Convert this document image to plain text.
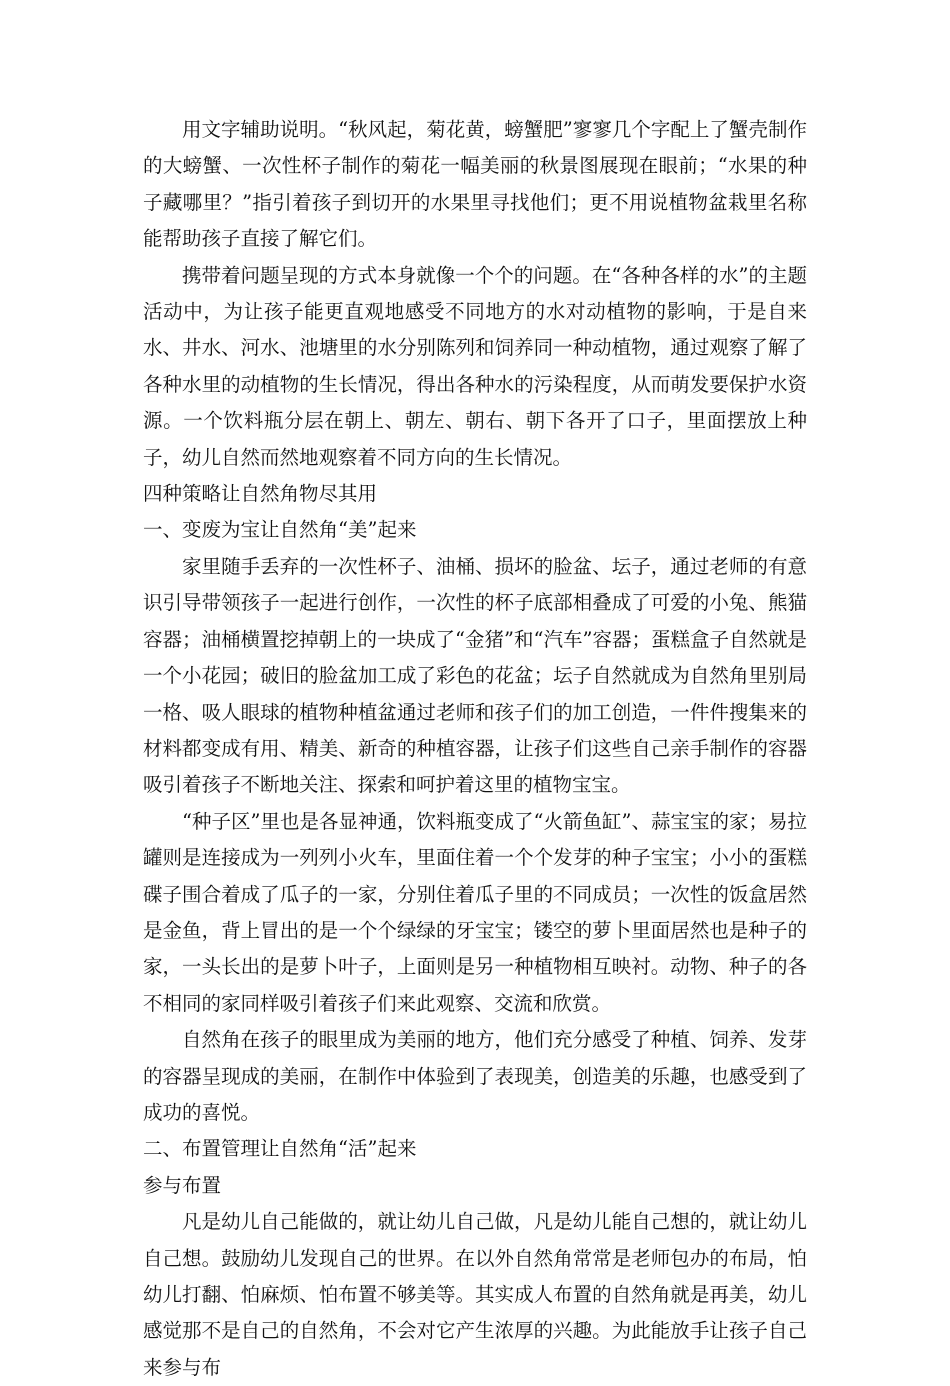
用文字辅助说明。“秋风起，菊花黄，螃蟹肥”寥寥几个字配上了蟹壳制作的大螃蟹、一次性杯子制作的菊花一幅美丽的秋景图展现在眼前；“水果的种子藏哪里？”指引着孩子到切开的水果里寻找他们；更不用说植物盆栽里名称能帮助孩子直接了解它们。

携带着问题呈现的方式本身就像一个个的问题。在“各种各样的水”的主题活动中，为让孩子能更直观地感受不同地方的水对动植物的影响，于是自来水、井水、河水、池塘里的水分别陈列和饲养同一种动植物，通过观察了解了各种水里的动植物的生长情况，得出各种水的污染程度，从而萌发要保护水资源。一个饮料瓶分层在朝上、朝左、朝右、朝下各开了口子，里面摆放上种子，幼儿自然而然地观察着不同方向的生长情况。

四种策略让自然角物尽其用

一、变废为宝让自然角“美”起来

家里随手丢弃的一次性杯子、油桶、损坏的脸盆、坛子，通过老师的有意识引导带领孩子一起进行创作，一次性的杯子底部相叠成了可爱的小兔、熊猫容器；油桶横置挖掉朝上的一块成了“金猪”和“汽车”容器；蛋糕盒子自然就是一个小花园；破旧的脸盆加工成了彩色的花盆；坛子自然就成为自然角里别局一格、吸人眼球的植物种植盆通过老师和孩子们的加工创造，一件件搜集来的材料都变成有用、精美、新奇的种植容器，让孩子们这些自己亲手制作的容器吸引着孩子不断地关注、探索和呵护着这里的植物宝宝。

“种子区”里也是各显神通，饮料瓶变成了“火箭鱼缸”、蒜宝宝的家；易拉罐则是连接成为一列列小火车，里面住着一个个发芽的种子宝宝；小小的蛋糕碟子围合着成了瓜子的一家，分别住着瓜子里的不同成员；一次性的饭盒居然是金鱼，背上冒出的是一个个绿绿的牙宝宝；镂空的萝卜里面居然也是种子的家，一头长出的是萝卜叶子，上面则是另一种植物相互映衬。动物、种子的各不相同的家同样吸引着孩子们来此观察、交流和欣赏。

自然角在孩子的眼里成为美丽的地方，他们充分感受了种植、饲养、发芽的容器呈现成的美丽，在制作中体验到了表现美，创造美的乐趣，也感受到了成功的喜悦。

二、布置管理让自然角“活”起来

参与布置

凡是幼儿自己能做的，就让幼儿自己做，凡是幼儿能自己想的，就让幼儿自己想。鼓励幼儿发现自己的世界。在以外自然角常常是老师包办的布局，怕幼儿打翻、怕麻烦、怕布置不够美等。其实成人布置的自然角就是再美，幼儿感觉那不是自己的自然角，不会对它产生浓厚的兴趣。为此能放手让孩子自己来参与布
